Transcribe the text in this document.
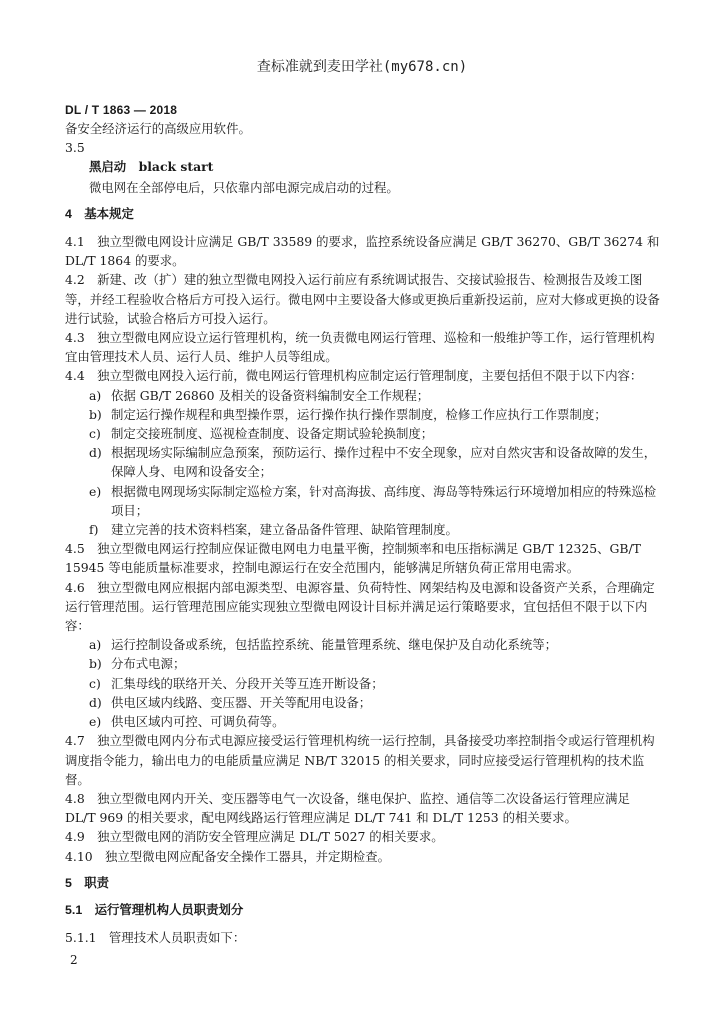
查标准就到麦田学社(my678.cn)
DL / T 1863 — 2018

备安全经济运行的高级应用软件。

3.5

黑启动　 black start

微电网在全部停电后，只依靠内部电源完成启动的过程。

4　基本规定

4.1　独立型微电网设计应满足 GB/T 33589 的要求，监控系统设备应满足 GB/T 36270、GB/T 36274 和 DL/T 1864 的要求。

4.2　新建、改（扩）建的独立型微电网投入运行前应有系统调试报告、交接试验报告、检测报告及竣工图等，并经工程验收合格后方可投入运行。微电网中主要设备大修或更换后重新投运前，应对大修或更换的设备进行试验，试验合格后方可投入运行。

4.3　独立型微电网应设立运行管理机构，统一负责微电网运行管理、巡检和一般维护等工作，运行管理机构宜由管理技术人员、运行人员、维护人员等组成。

4.4　独立型微电网投入运行前，微电网运行管理机构应制定运行管理制度，主要包括但不限于以下内容：

a) 依据 GB/T 26860 及相关的设备资料编制安全工作规程；
b) 制定运行操作规程和典型操作票，运行操作执行操作票制度，检修工作应执行工作票制度；
c) 制定交接班制度、巡视检查制度、设备定期试验轮换制度；
d) 根据现场实际编制应急预案，预防运行、操作过程中不安全现象，应对自然灾害和设备故障的发生，保障人身、电网和设备安全；
e) 根据微电网现场实际制定巡检方案，针对高海拔、高纬度、海岛等特殊运行环境增加相应的特殊巡检项目；
f)	建立完善的技术资料档案，建立备品备件管理、缺陷管理制度。

4.5　独立型微电网运行控制应保证微电网电力电量平衡，控制频率和电压指标满足 GB/T 12325、GB/T 15945 等电能质量标准要求，控制电源运行在安全范围内，能够满足所辖负荷正常用电需求。

4.6　独立型微电网应根据内部电源类型、电源容量、负荷特性、网架结构及电源和设备资产关系，合理确定运行管理范围。运行管理范围应能实现独立型微电网设计目标并满足运行策略要求，宜包括但不限于以下内容：

a) 运行控制设备或系统，包括监控系统、能量管理系统、继电保护及自动化系统等；
b) 分布式电源；
c) 汇集母线的联络开关、分段开关等互连开断设备；
d) 供电区域内线路、变压器、开关等配用电设备；
e) 供电区域内可控、可调负荷等。

4.7　独立型微电网内分布式电源应接受运行管理机构统一运行控制，具备接受功率控制指令或运行管理机构调度指令能力，输出电力的电能质量应满足 NB/T 32015 的相关要求，同时应接受运行管理机构的技术监督。

4.8　独立型微电网内开关、变压器等电气一次设备，继电保护、监控、通信等二次设备运行管理应满足 DL/T 969 的相关要求，配电网线路运行管理应满足 DL/T 741 和 DL/T 1253 的相关要求。

4.9　独立型微电网的消防安全管理应满足 DL/T 5027 的相关要求。

4.10　独立型微电网应配备安全操作工器具，并定期检查。

5　职责

5.1　运行管理机构人员职责划分

5.1.1　管理技术人员职责如下：

2
